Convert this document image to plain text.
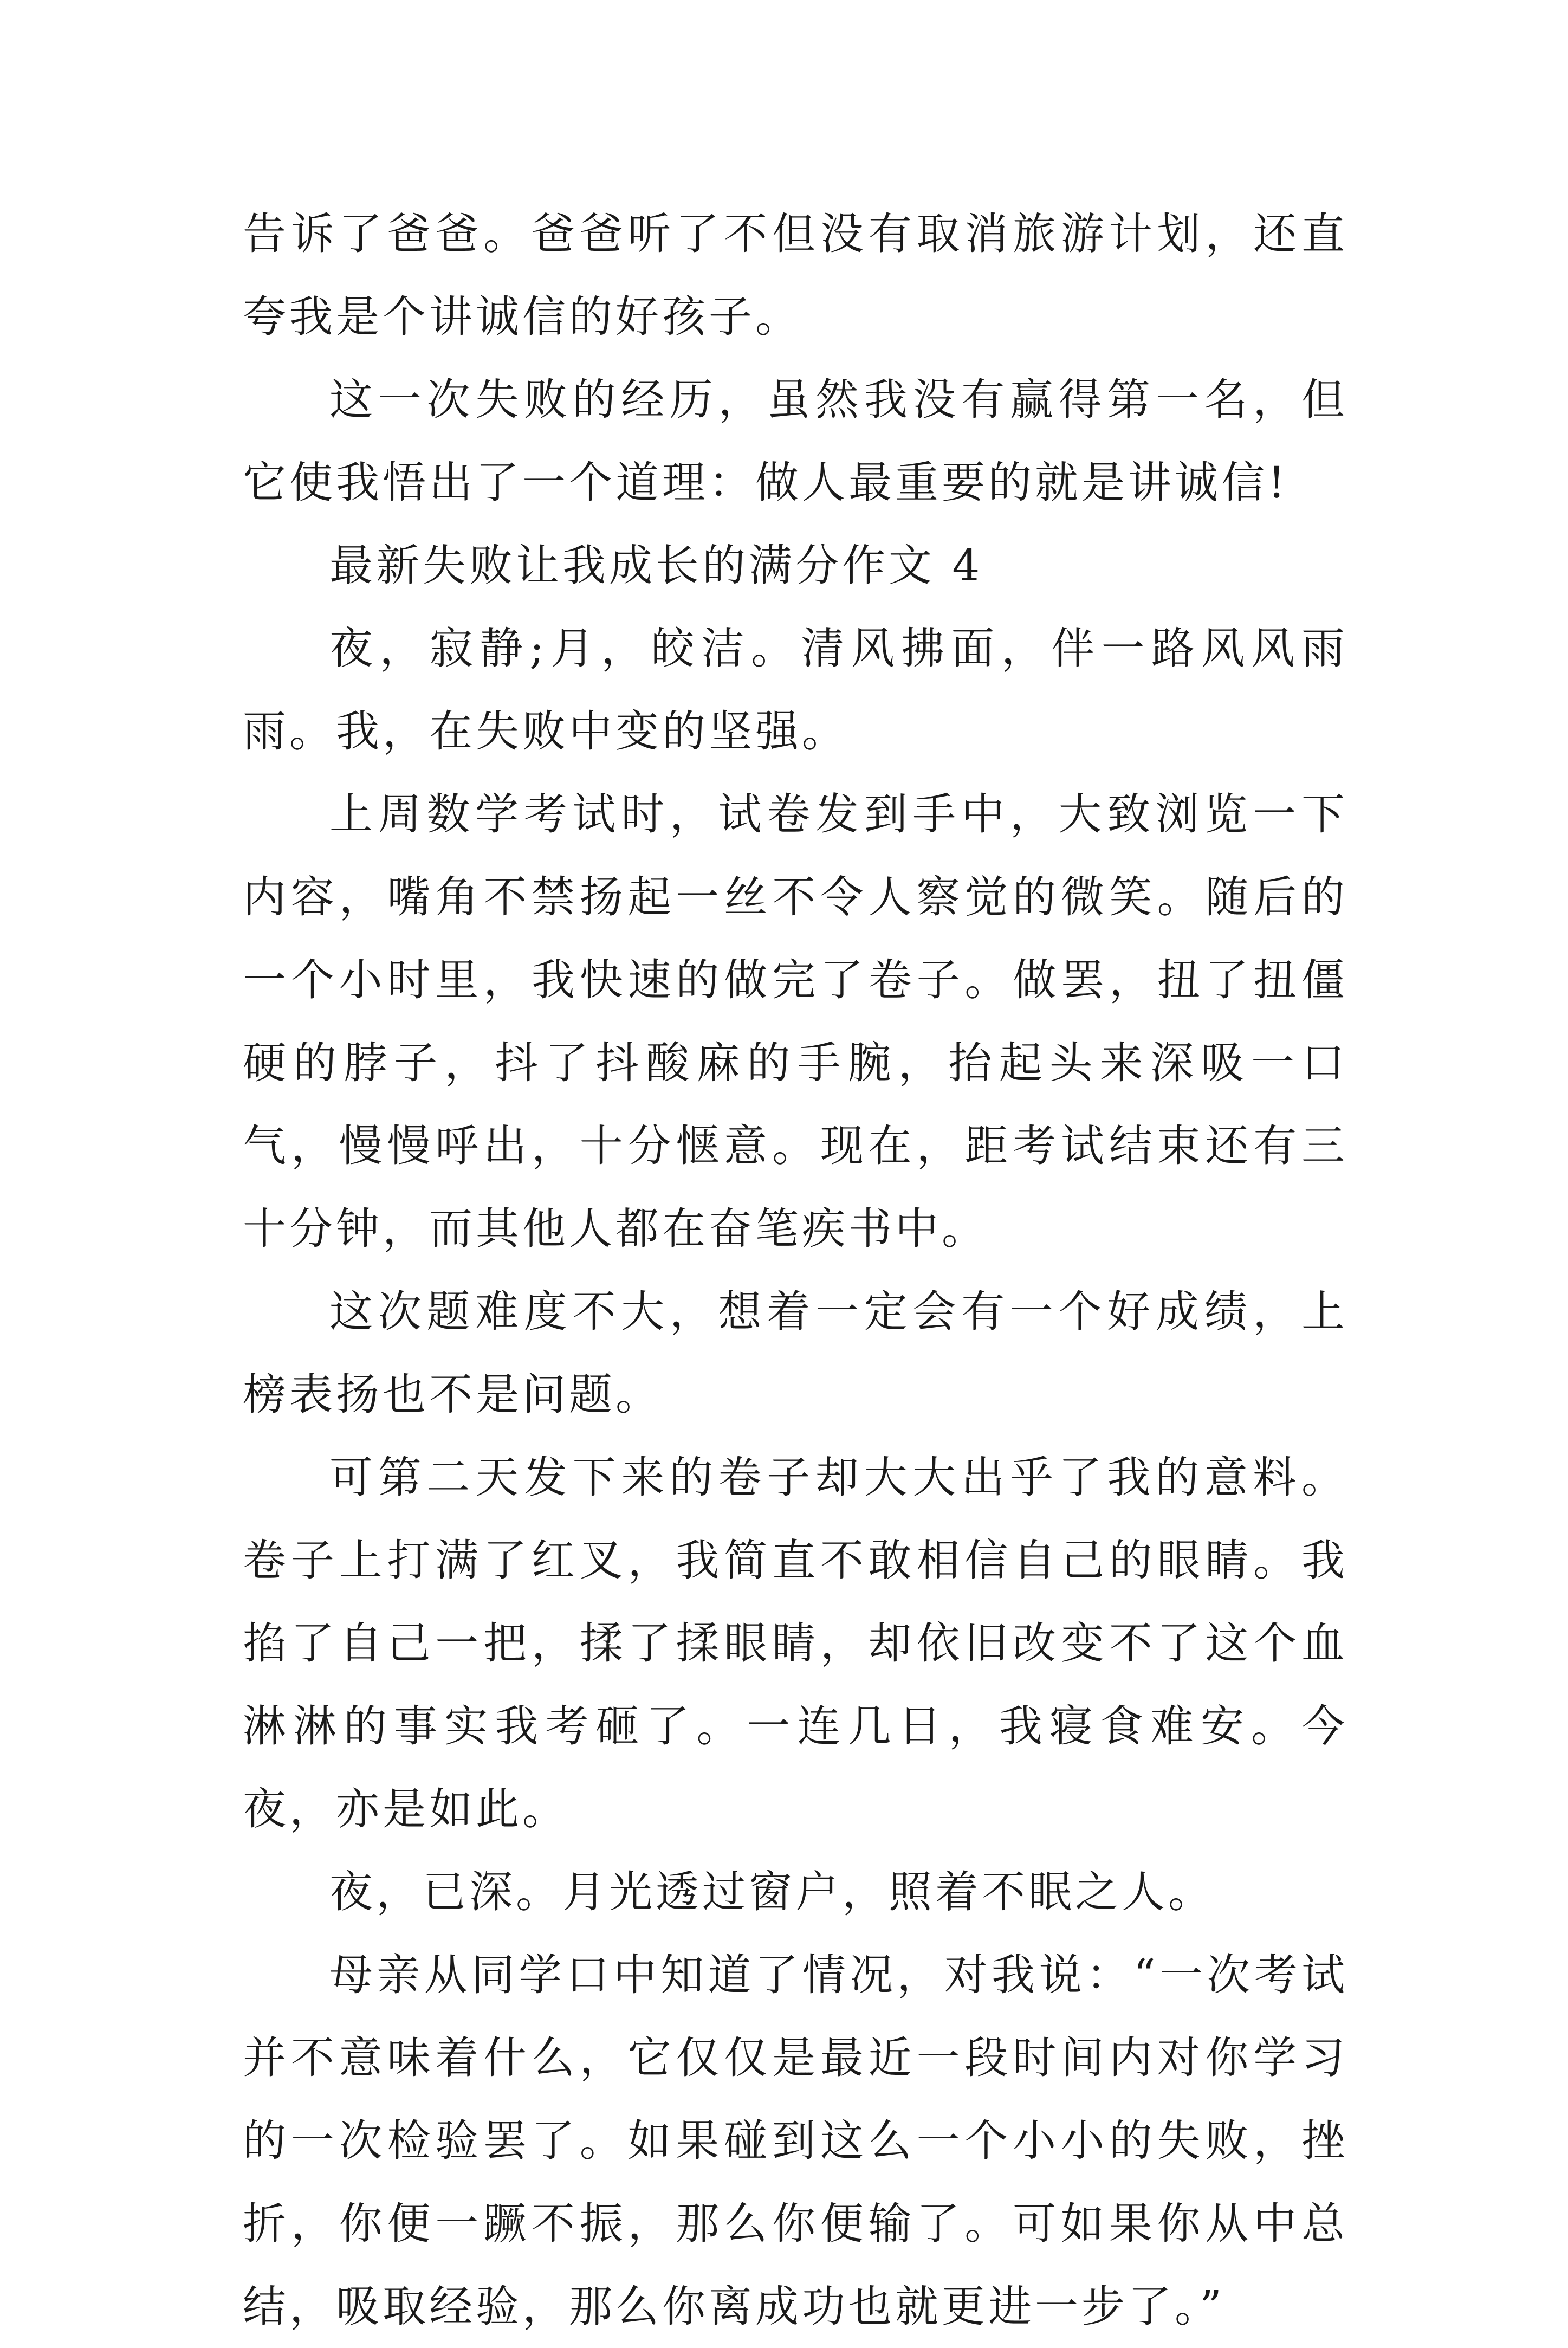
告诉了爸爸。爸爸听了不但没有取消旅游计划，还直夸我是个讲诚信的好孩子。

这一次失败的经历，虽然我没有赢得第一名，但它使我悟出了一个道理：做人最重要的就是讲诚信!

最新失败让我成长的满分作文 4

夜，寂静;月，皎洁。清风拂面，伴一路风风雨雨。我，在失败中变的坚强。

上周数学考试时，试卷发到手中，大致浏览一下内容，嘴角不禁扬起一丝不令人察觉的微笑。随后的一个小时里，我快速的做完了卷子。做罢，扭了扭僵硬的脖子，抖了抖酸麻的手腕，抬起头来深吸一口气，慢慢呼出，十分惬意。现在，距考试结束还有三十分钟，而其他人都在奋笔疾书中。

这次题难度不大，想着一定会有一个好成绩，上榜表扬也不是问题。

可第二天发下来的卷子却大大出乎了我的意料。卷子上打满了红叉，我简直不敢相信自己的眼睛。我掐了自己一把，揉了揉眼睛，却依旧改变不了这个血淋淋的事实我考砸了。一连几日，我寝食难安。今夜，亦是如此。

夜，已深。月光透过窗户，照着不眠之人。

母亲从同学口中知道了情况，对我说：“一次考试并不意味着什么，它仅仅是最近一段时间内对你学习的一次检验罢了。如果碰到这么一个小小的失败，挫折，你便一蹶不振，那么你便输了。可如果你从中总结，吸取经验，那么你离成功也就更进一步了。”
